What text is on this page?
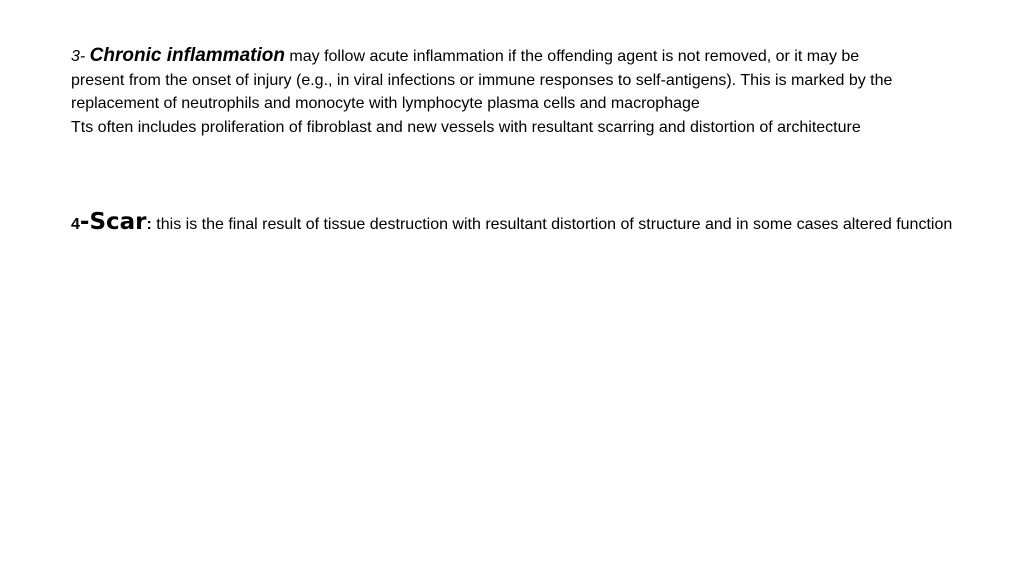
3- Chronic inflammation may follow acute inflammation if the offending agent is not removed, or it may be
present from the onset of injury (e.g., in viral infections or immune responses to self-antigens). This is marked by the
replacement of neutrophils and monocyte with lymphocyte plasma cells and macrophage
Tts often includes proliferation of fibroblast and new vessels with resultant scarring and distortion of architecture

4-Scar: this is the final result of tissue destruction with resultant distortion of structure and in some cases altered function
